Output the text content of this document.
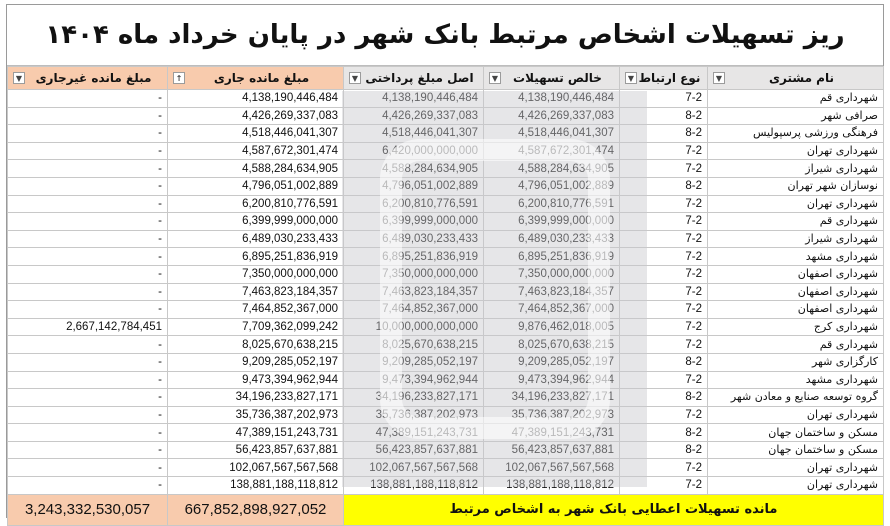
ریز تسهیلات اشخاص مرتبط بانک شهر در پایان خرداد ماه ۱۴۰۴
▼ مبلغ مانده غیرجاری	↑ مبلغ مانده جاری	▼ اصل مبلغ پرداختی	▼ خالص تسهیلات	▼ نوع ارتباط	▼ نام مشتری

-	4,138,190,446,484	4,138,190,446,484	4,138,190,446,484	7-2	شهرداری قم
-	4,426,269,337,083	4,426,269,337,083	4,426,269,337,083	8-2	صرافی شهر
-	4,518,446,041,307	4,518,446,041,307	4,518,446,041,307	8-2	فرهنگی ورزشی پرسپولیس
-	4,587,672,301,474	6,420,000,000,000	4,587,672,301,474	7-2	شهرداری تهران
-	4,588,284,634,905	4,588,284,634,905	4,588,284,634,905	7-2	شهرداری شیراز
-	4,796,051,002,889	4,796,051,002,889	4,796,051,002,889	8-2	نوسازان شهر تهران
-	6,200,810,776,591	6,200,810,776,591	6,200,810,776,591	7-2	شهرداری تهران
-	6,399,999,000,000	6,399,999,000,000	6,399,999,000,000	7-2	شهرداری قم
-	6,489,030,233,433	6,489,030,233,433	6,489,030,233,433	7-2	شهرداری شیراز
-	6,895,251,836,919	6,895,251,836,919	6,895,251,836,919	7-2	شهرداری مشهد
-	7,350,000,000,000	7,350,000,000,000	7,350,000,000,000	7-2	شهرداری اصفهان
-	7,463,823,184,357	7,463,823,184,357	7,463,823,184,357	7-2	شهرداری اصفهان
-	7,464,852,367,000	7,464,852,367,000	7,464,852,367,000	7-2	شهرداری اصفهان
2,667,142,784,451	7,709,362,099,242	10,000,000,000,000	9,876,462,018,005	7-2	شهرداری کرج
-	8,025,670,638,215	8,025,670,638,215	8,025,670,638,215	7-2	شهرداری قم
-	9,209,285,052,197	9,209,285,052,197	9,209,285,052,197	8-2	کارگزاری شهر
-	9,473,394,962,944	9,473,394,962,944	9,473,394,962,944	7-2	شهرداری مشهد
-	34,196,233,827,171	34,196,233,827,171	34,196,233,827,171	8-2	گروه توسعه صنایع و معادن شهر
-	35,736,387,202,973	35,736,387,202,973	35,736,387,202,973	7-2	شهرداری تهران
-	47,389,151,243,731	47,389,151,243,731	47,389,151,243,731	8-2	مسکن و ساختمان جهان
-	56,423,857,637,881	56,423,857,637,881	56,423,857,637,881	8-2	مسکن و ساختمان جهان
-	102,067,567,567,568	102,067,567,567,568	102,067,567,567,568	7-2	شهرداری تهران
-	138,881,188,118,812	138,881,188,118,812	138,881,188,118,812	7-2	شهرداری تهران
3,243,332,530,057	667,852,898,927,052	مانده تسهیلات اعطایی بانک شهر به اشخاص مرتبط			
